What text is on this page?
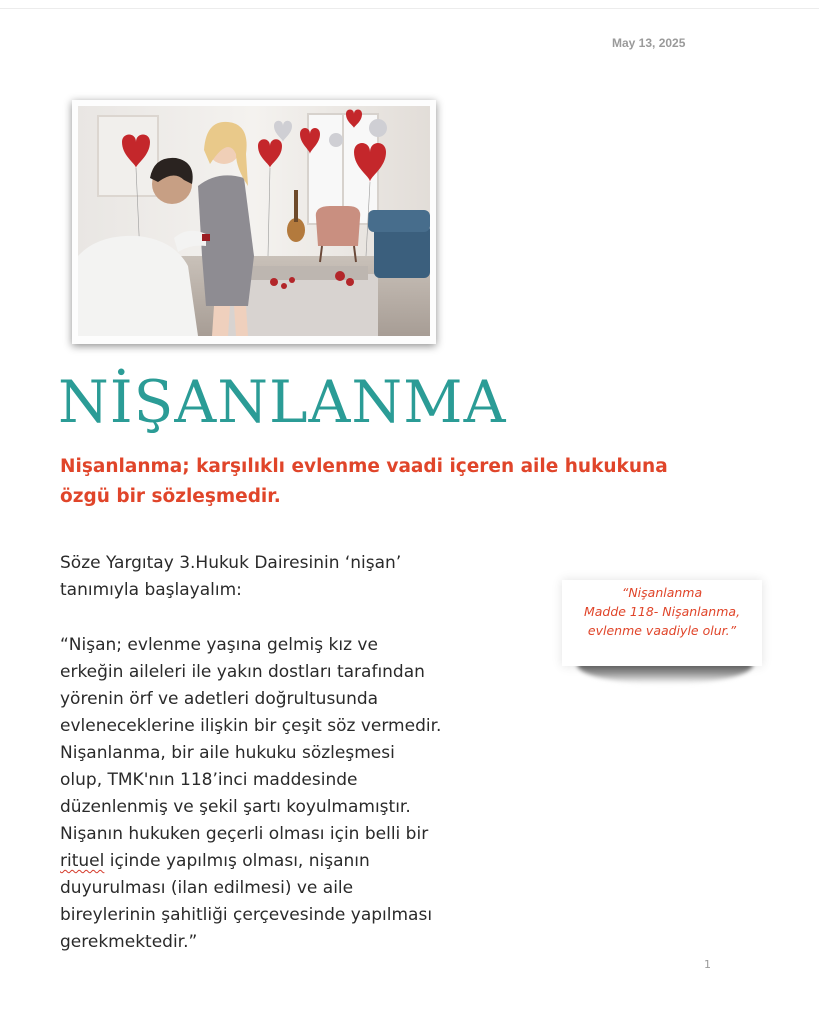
May 13, 2025
NİŞANLANMA

Nişanlanma; karşılıklı evlenme vaadi içeren aile hukukuna özgü bir sözleşmedir.

Söze Yargıtay 3.Hukuk Dairesinin ‘nişan’
tanımıyla başlayalım:

“Nişan; evlenme yaşına gelmiş kız ve
erkeğin aileleri ile yakın dostları tarafından
yörenin örf ve adetleri doğrultusunda
evleneceklerine ilişkin bir çeşit söz vermedir.
Nişanlanma, bir aile hukuku sözleşmesi
olup, TMK'nın 118’inci maddesinde
düzenlenmiş ve şekil şartı koyulmamıştır.
Nişanın hukuken geçerli olması için belli bir
rituel içinde yapılmış olması, nişanın
duyurulması (ilan edilmesi) ve aile
bireylerinin şahitliği çerçevesinde yapılması
gerekmektedir.”

“Nişanlanma
Madde 118- Nişanlanma,
evlenme vaadiyle olur.”

1
